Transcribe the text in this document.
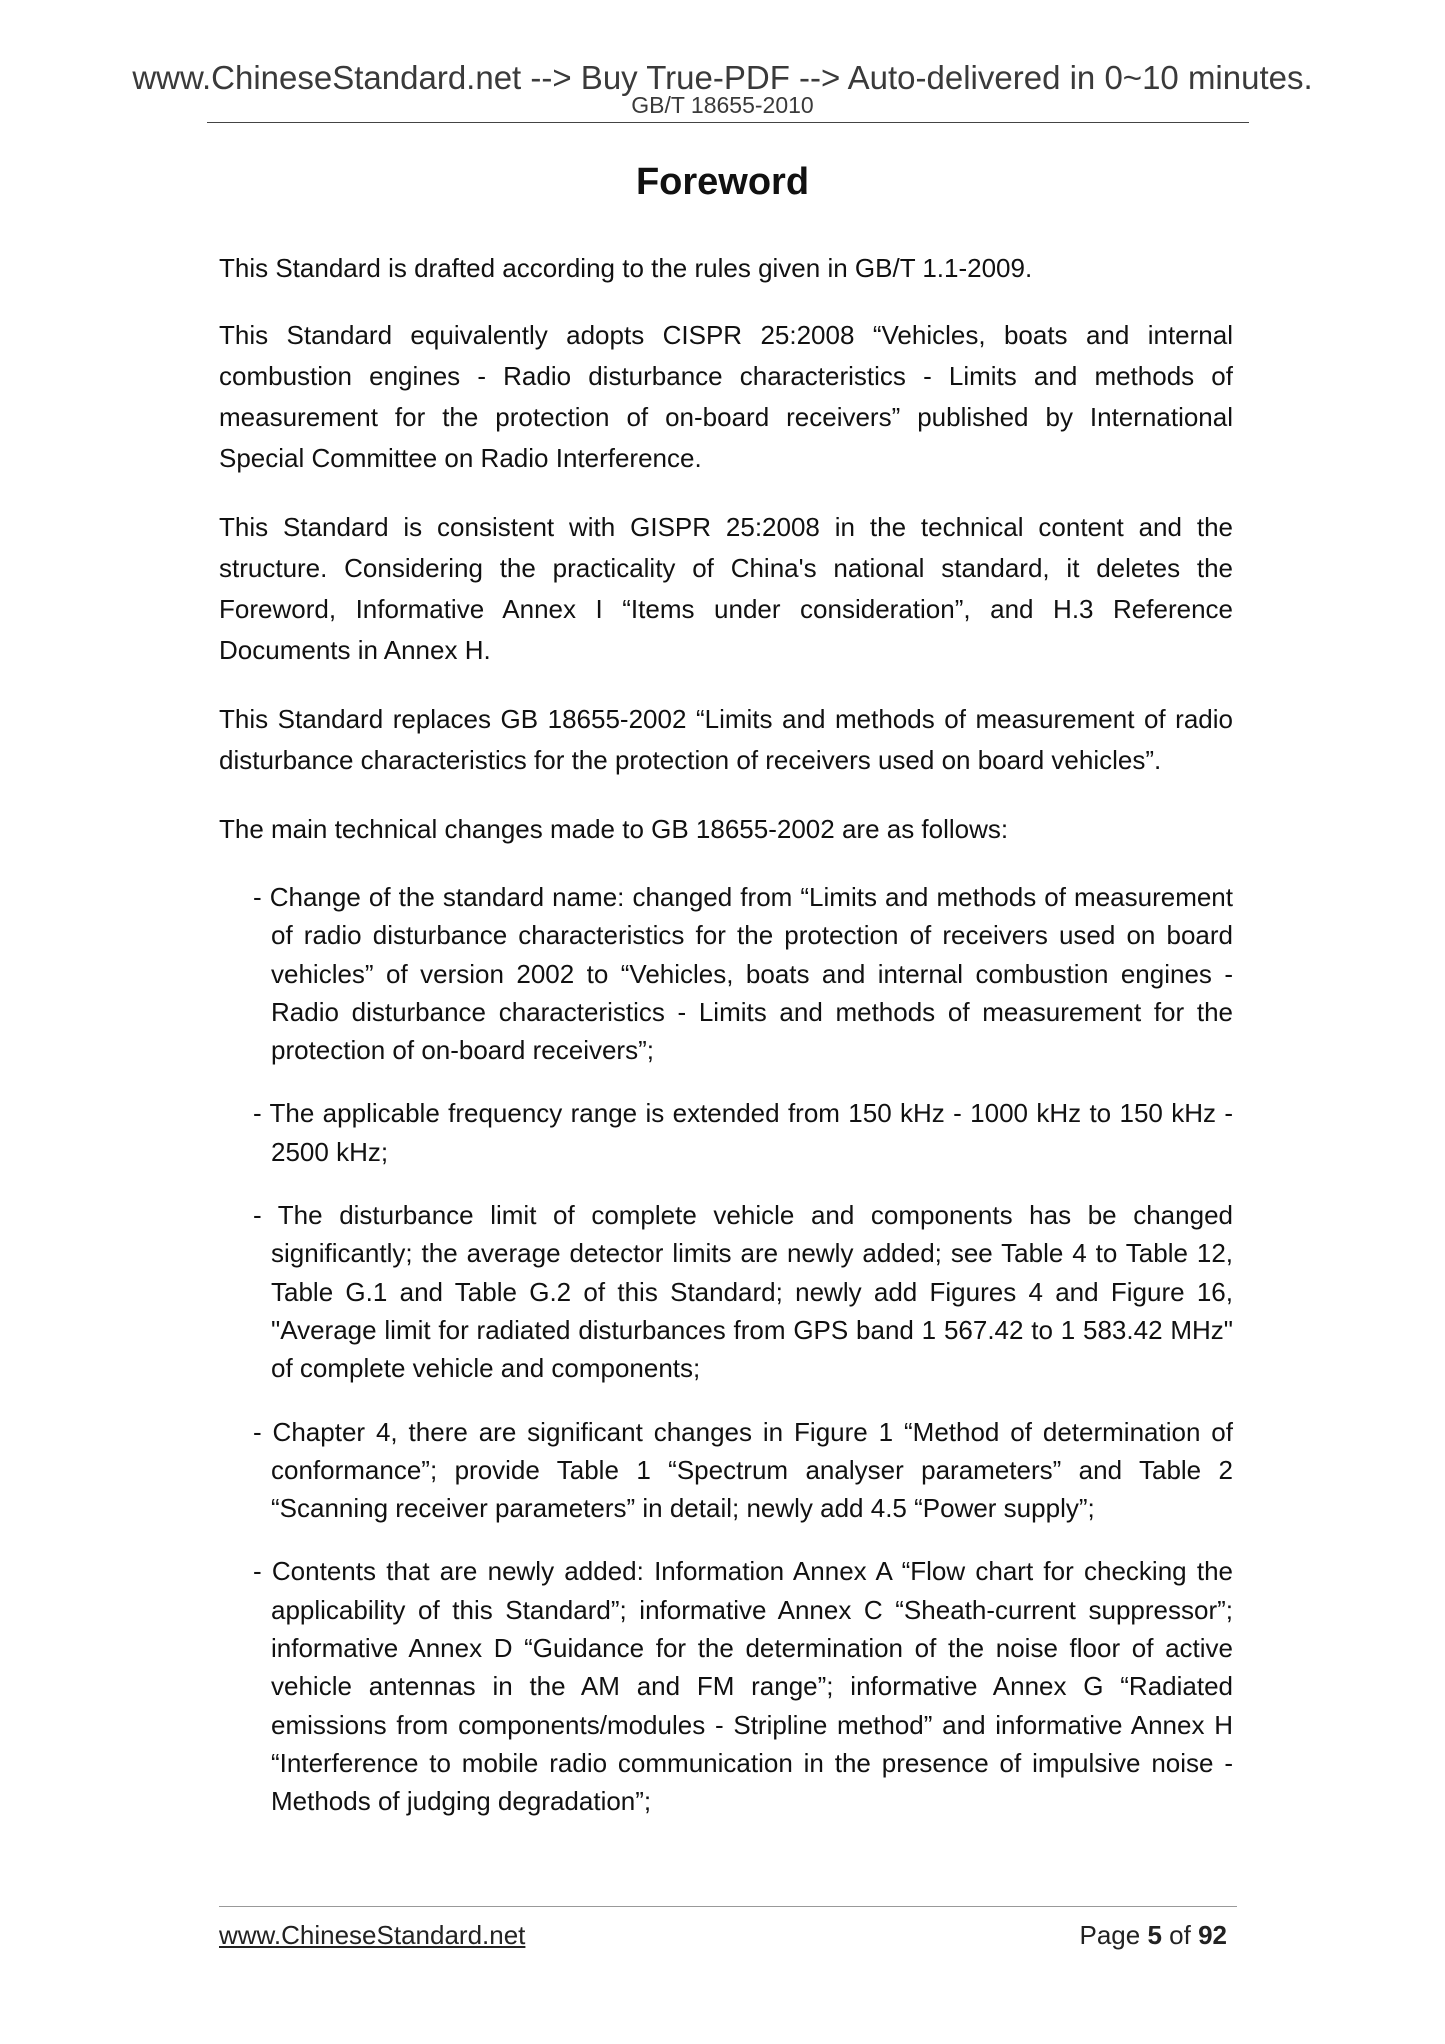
www.ChineseStandard.net --> Buy True-PDF --> Auto-delivered in 0~10 minutes.
GB/T 18655-2010
Foreword

This Standard is drafted according to the rules given in GB/T 1.1-2009.

This Standard equivalently adopts CISPR 25:2008 “Vehicles, boats and internal combustion engines - Radio disturbance characteristics - Limits and methods of measurement for the protection of on-board receivers” published by International Special Committee on Radio Interference.

This Standard is consistent with GISPR 25:2008 in the technical content and the structure. Considering the practicality of China's national standard, it deletes the Foreword, Informative Annex I “Items under consideration”, and H.3 Reference Documents in Annex H.

This Standard replaces GB 18655-2002 “Limits and methods of measurement of radio disturbance characteristics for the protection of receivers used on board vehicles”.

The main technical changes made to GB 18655-2002 are as follows:

- Change of the standard name: changed from “Limits and methods of measurement of radio disturbance characteristics for the protection of receivers used on board vehicles” of version 2002 to “Vehicles, boats and internal combustion engines - Radio disturbance characteristics - Limits and methods of measurement for the protection of on-board receivers”;
- The applicable frequency range is extended from 150 kHz - 1000 kHz to 150 kHz - 2500 kHz;
- The disturbance limit of complete vehicle and components has be changed significantly; the average detector limits are newly added; see Table 4 to Table 12, Table G.1 and Table G.2 of this Standard; newly add Figures 4 and Figure 16, "Average limit for radiated disturbances from GPS band 1 567.42 to 1 583.42 MHz" of complete vehicle and components;
- Chapter 4, there are significant changes in Figure 1 “Method of determination of conformance”; provide Table 1 “Spectrum analyser parameters” and Table 2 “Scanning receiver parameters” in detail; newly add 4.5 “Power supply”;
- Contents that are newly added: Information Annex A “Flow chart for checking the applicability of this Standard”; informative Annex C “Sheath-current suppressor”; informative Annex D “Guidance for the determination of the noise floor of active vehicle antennas in the AM and FM range”; informative Annex G “Radiated emissions from components/modules - Stripline method” and informative Annex H “Interference to mobile radio communication in the presence of impulsive noise - Methods of judging degradation”;
www.ChineseStandard.net	Page 5 of 92
